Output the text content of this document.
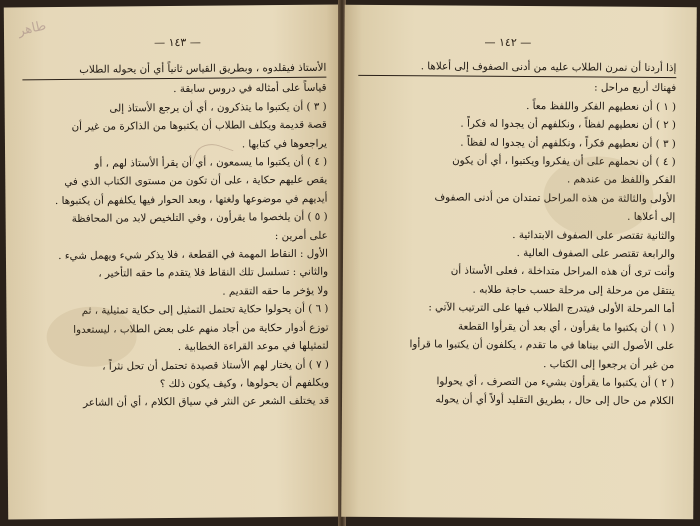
طاهر
— ١٤٣ —
الأستاذ فيقلدوه ، وبطريق القياس ثانياً أي أن يحوله الطلاب
قياساً على أمثاله في دروس سابقة .
( ٣ ) أن يكتبوا ما يتذكرون ، أي أن يرجع الأستاذ إلى
قصة قديمة ويكلف الطلاب أن يكتبوها من الذاكرة من غير أن
يراجعوها في كتابها .
( ٤ ) أن يكتبوا ما يسمعون ، أي أن يقرأ الأستاذ لهم ، أو
يقص عليهم حكاية ، على أن تكون من مستوى الكتاب الذي في
أيديهم في موضوعها ولغتها ، وبعد الحوار فيها يكلفهم أن يكتبوها .
( ٥ ) أن يلخصوا ما يقرأون ، وفي التلخيص لابد من المحافظة
على أمرين :
الأول : النقاط المهمة في القطعة ، فلا يذكر شيء ويهمل شيء .
والثاني : تسلسل تلك النقاط فلا يتقدم ما حقه التأخير ،
ولا يؤخر ما حقه التقديم .
( ٦ ) أن يحولوا حكاية تحتمل التمثيل إلى حكاية تمثيلية ، ثم
توزع أدوار حكاية من أجاد منهم على بعض الطلاب ، ليستعدوا
لتمثيلها في موعد القراءة الخطابية .
( ٧ ) أن يختار لهم الأستاذ قصيدة تحتمل أن تحل نثراً ،
ويكلفهم أن يحولوها ، وكيف يكون ذلك ؟
قد يختلف الشعر عن النثر في سياق الكلام ، أي أن الشاعر
— ١٤٢ —
إذا أردنا أن نمرن الطلاب عليه من أدنى الصفوف إلى أعلاها .
فهناك أربع مراحل :
( ١ ) أن نعطيهم الفكر واللفظ معاً .
( ٢ ) أن نعطيهم لفظاً ، ونكلفهم أن يجدوا له فكراً .
( ٣ ) أن نعطيهم فكراً ، ونكلفهم أن يجدوا له لفظاً .
( ٤ ) أن نحملهم على أن يفكروا ويكتبوا ، أي أن يكون
الفكر واللفظ من عندهم .
الأولى والثالثة من هذه المراحل تمتدان من أدنى الصفوف
إلى أعلاها .
والثانية تقتصر على الصفوف الابتدائية .
والرابعة تقتصر على الصفوف العالية .
وأنت ترى أن هذه المراحل متداخلة ، فعلى الأستاذ أن
ينتقل من مرحلة إلى مرحلة حسب حاجة طلابه .
أما المرحلة الأولى فيتدرج الطلاب فيها على الترتيب الآتي :
( ١ ) أن يكتبوا ما يقرأون ، أي بعد أن يقرأوا القطعة
على الأصول التي بيناها في ما تقدم ، يكلفون أن يكتبوا ما قرأوا
من غير أن يرجعوا إلى الكتاب .
( ٢ ) أن يكتبوا ما يقرأون بشيء من التصرف ، أي يحولوا
الكلام من حال إلى حال ، بطريق التقليد أولاً أي أن يحوله
